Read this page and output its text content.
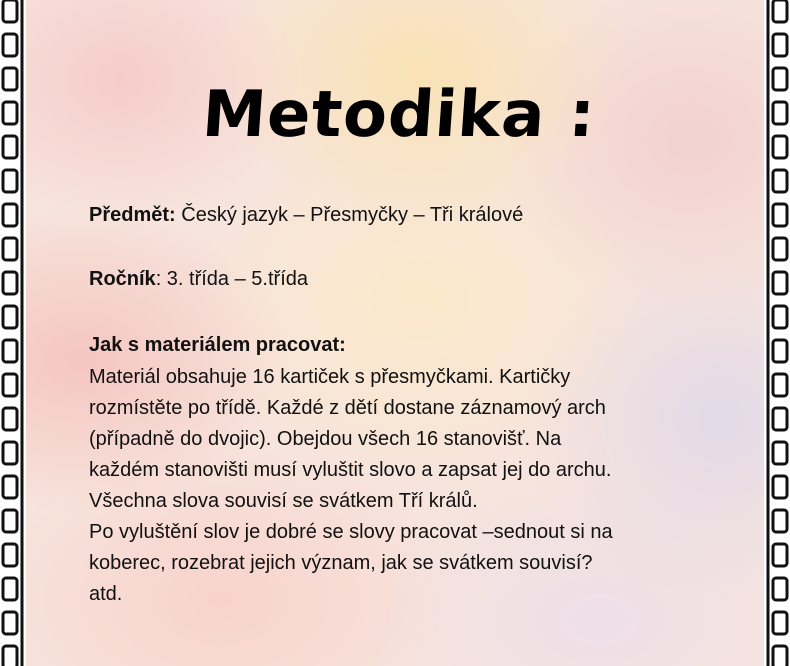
Metodika :
Předmět: Český jazyk – Přesmyčky – Tři králové
Ročník: 3. třída – 5.třída
Jak s materiálem pracovat:
Materiál obsahuje 16 kartiček s přesmyčkami. Kartičky
rozmístěte po třídě. Každé z dětí dostane záznamový arch
(případně do dvojic). Obejdou všech 16 stanovišť. Na
každém stanovišti musí vyluštit slovo a zapsat jej do archu.
Všechna slova souvisí se svátkem Tří králů.
Po vyluštění slov je dobré se slovy pracovat –sednout si na
koberec, rozebrat jejich význam, jak se svátkem souvisí?
atd.
